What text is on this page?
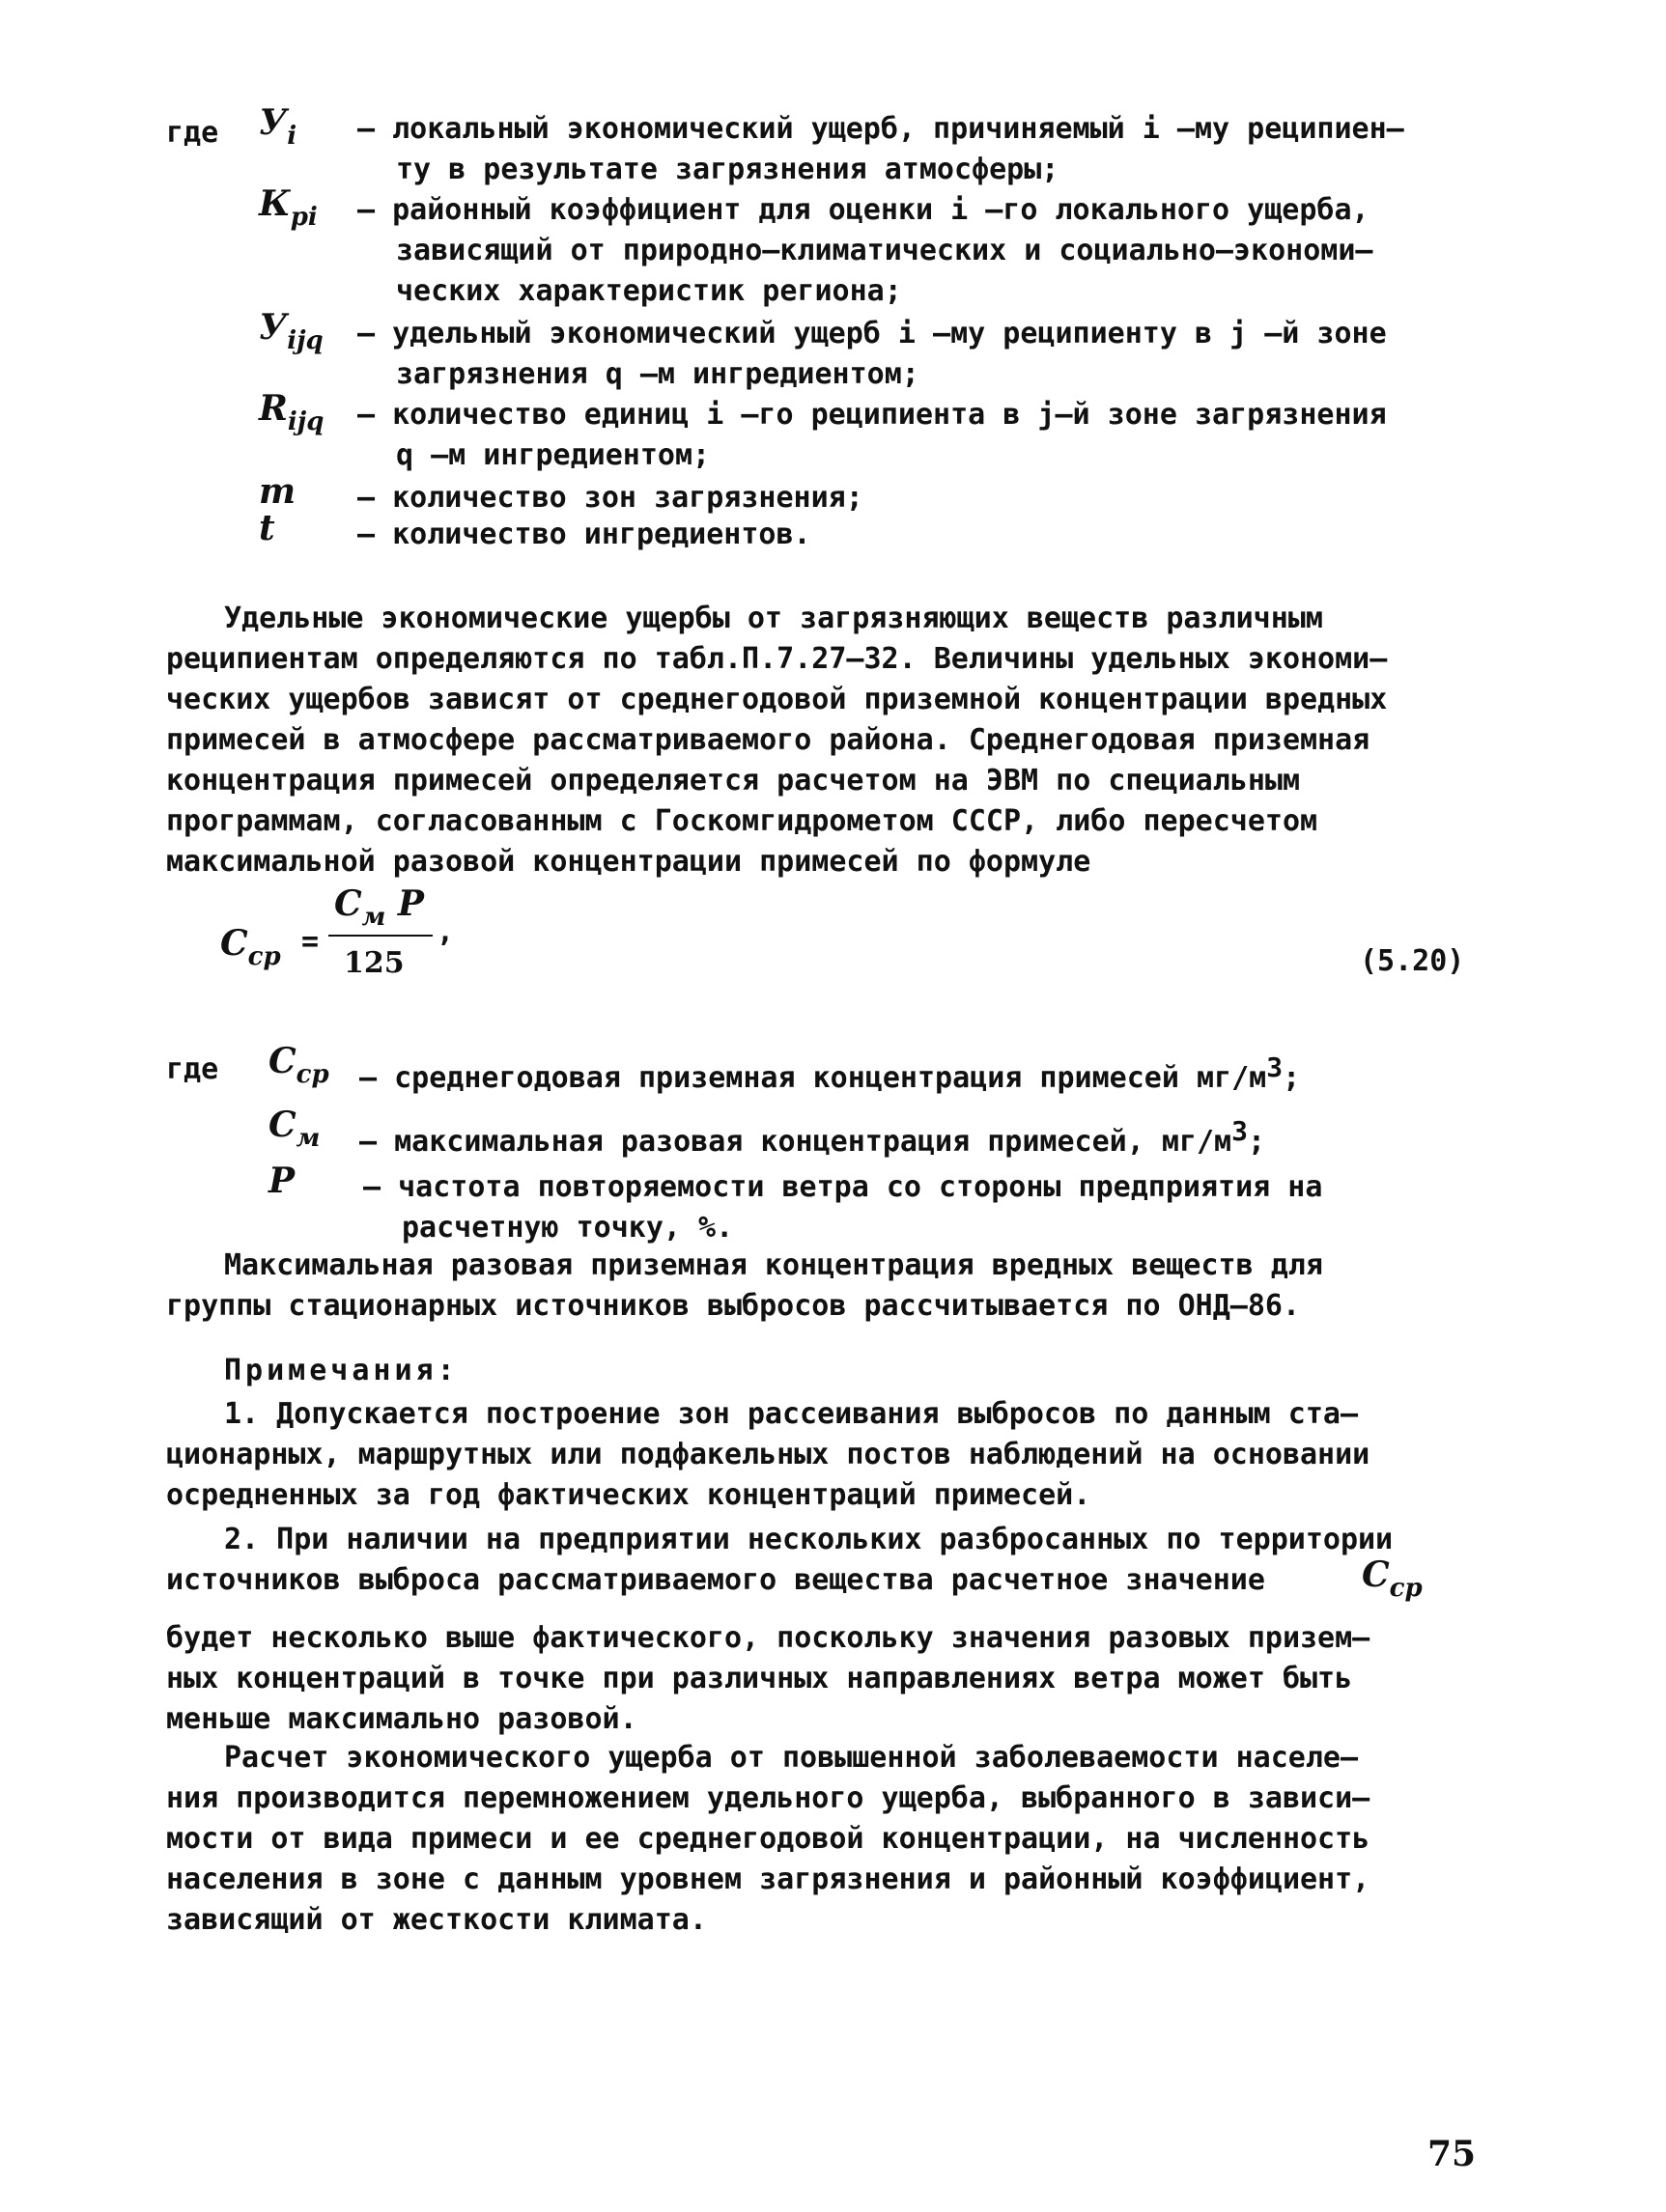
где $У_i$ – локальный экономический ущерб, причиняемый i –му реципиен–
ту в результате загрязнения атмосферы;
$К_{pi}$ – районный коэффициент для оценки i –го локального ущерба,
зависящий от природно–климатических и социально–экономи–
ческих характеристик региона;
$У_{ijq}$ – удельный экономический ущерб i –му реципиенту в j –й зоне
загрязнения q –м ингредиентом;
$R_{ijq}$ – количество единиц i –го реципиента в j–й зоне загрязнения
q –м ингредиентом;
m – количество зон загрязнения;
t	– количество ингредиентов.
Удельные экономические ущербы от загрязняющих веществ различным
реципиентам определяются по табл.П.7.27–32. Величины удельных экономи–
ческих ущербов зависят от среднегодовой приземной концентрации вредных
примесей в атмосфере рассматриваемого района. Среднегодовая приземная
концентрация примесей определяется расчетом на ЭВМ по специальным
программам, согласованным с Госкомгидрометом СССР, либо пересчетом
максимальной разовой концентрации примесей по формуле
$C_{ср}$ =
$C_м$ P
125
,
(5.20)
где $C_{ср}$ – среднегодовая приземная концентрация примесей $мг/м^3$;
$C_м$ – максимальная разовая концентрация примесей, $мг/м^3$;
P – частота повторяемости ветра со стороны предприятия на
расчетную точку, %.
Максимальная разовая приземная концентрация вредных веществ для
группы стационарных источников выбросов рассчитывается по ОНД–86.
Примечания:
1. Допускается построение зон рассеивания выбросов по данным ста–
ционарных, маршрутных или подфакельных постов наблюдений на основании
осредненных за год фактических концентраций примесей.
2. При наличии на предприятии нескольких разбросанных по территории
источников выброса рассматриваемого вещества расчетное значение	$C_{ср}$
будет несколько выше фактического, поскольку значения разовых призем–
ных концентраций в точке при различных направлениях ветра может быть
меньше максимально разовой.
Расчет экономического ущерба от повышенной заболеваемости населе–
ния производится перемножением удельного ущерба, выбранного в зависи–
мости от вида примеси и ее среднегодовой концентрации, на численность
населения в зоне с данным уровнем загрязнения и районный коэффициент,
зависящий от жесткости климата.
75
